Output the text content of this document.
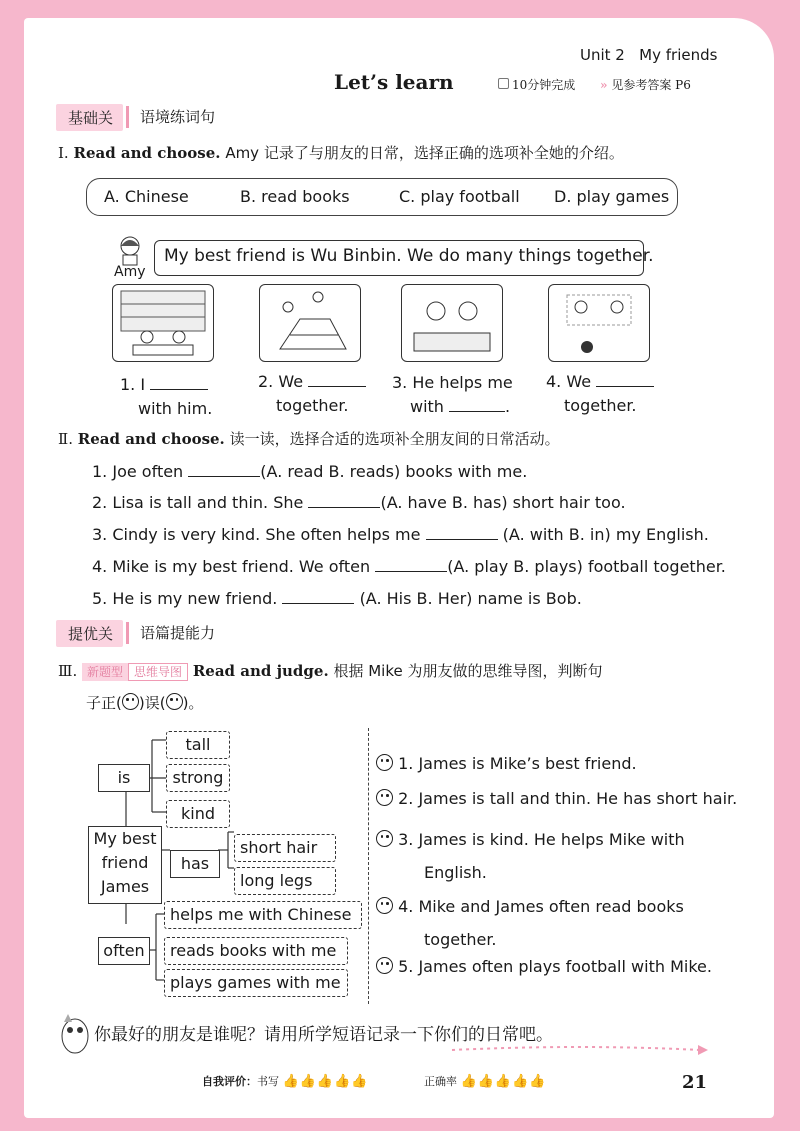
Unit 2 My friends
Let’s learn	10分钟完成 » 见参考答案 P6
基础关	语境练词句
Ⅰ. Read and choose. Amy 记录了与朋友的日常，选择正确的选项补全她的介绍。
A. Chinese	B. read books	C. play football D. play games
Amy
My best friend is Wu Binbin. We do many things together.
1. I
with him.
2. We
together.
3. He helps me
with	.
4. We
together.
Ⅱ. Read and choose. 读一读，选择合适的选项补全朋友间的日常活动。
1. Joe often	(A. read B. reads) books with me.
2. Lisa is tall and thin. She	(A. have B. has) short hair too.
3. Cindy is very kind. She often helps me	(A. with B. in) my English.
4. Mike is my best friend. We often	(A. play B. plays) football together.
5. He is my new friend.	(A. His B. Her) name is Bob.
提优关	语篇提能力
Ⅲ. 新题型 思维导图 Read and judge. 根据 Mike 为朋友做的思维导图，判断句
子正( )误( )。
is
tall
strong
kind
My best
friend
James
has
short hair
long legs
often
helps me with Chinese
reads books with me
plays games with me
1. James is Mike’s best friend.
2. James is tall and thin. He has short hair.
3. James is kind. He helps Mike with
English.
4. Mike and James often read books
together.
5. James often plays football with Mike.
你最好的朋友是谁呢？请用所学短语记录一下你们的日常吧。
自我评价：书写 👍👍👍👍👍	正确率 👍👍👍👍👍	21
